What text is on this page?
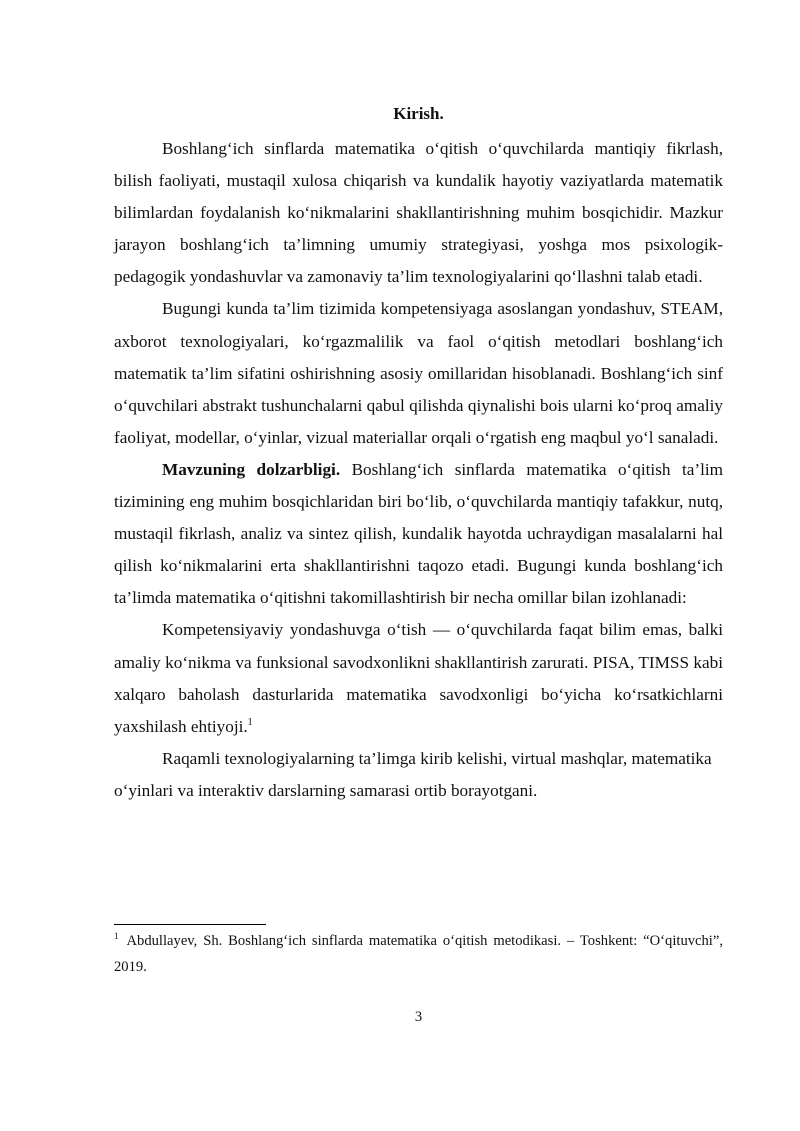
Kirish.

Boshlang‘ich sinflarda matematika o‘qitish o‘quvchilarda mantiqiy fikrlash, bilish faoliyati, mustaqil xulosa chiqarish va kundalik hayotiy vaziyatlarda matematik bilimlardan foydalanish ko‘nikmalarini shakllantirishning muhim bosqichidir. Mazkur jarayon boshlang‘ich ta’limning umumiy strategiyasi, yoshga mos psixologik-pedagogik yondashuvlar va zamonaviy ta’lim texnologiyalarini qo‘llashni talab etadi.

Bugungi kunda ta’lim tizimida kompetensiyaga asoslangan yondashuv, STEAM, axborot texnologiyalari, ko‘rgazmalilik va faol o‘qitish metodlari boshlang‘ich matematik ta’lim sifatini oshirishning asosiy omillaridan hisoblanadi. Boshlang‘ich sinf o‘quvchilari abstrakt tushunchalarni qabul qilishda qiynalishi bois ularni ko‘proq amaliy faoliyat, modellar, o‘yinlar, vizual materiallar orqali o‘rgatish eng maqbul yo‘l sanaladi.

Mavzuning dolzarbligi. Boshlang‘ich sinflarda matematika o‘qitish ta’lim tizimining eng muhim bosqichlaridan biri bo‘lib, o‘quvchilarda mantiqiy tafakkur, nutq, mustaqil fikrlash, analiz va sintez qilish, kundalik hayotda uchraydigan masalalarni hal qilish ko‘nikmalarini erta shakllantirishni taqozo etadi. Bugungi kunda boshlang‘ich ta’limda matematika o‘qitishni takomillashtirish bir necha omillar bilan izohlanadi:

Kompetensiyaviy yondashuvga o‘tish — o‘quvchilarda faqat bilim emas, balki amaliy ko‘nikma va funksional savodxonlikni shakllantirish zarurati. PISA, TIMSS kabi xalqaro baholash dasturlarida matematika savodxonligi bo‘yicha ko‘rsatkichlarni yaxshilash ehtiyoji.$^1$

Raqamli texnologiyalarning ta’limga kirib kelishi, virtual mashqlar, matematika o‘yinlari va interaktiv darslarning samarasi ortib borayotgani.

$^1$ Abdullayev, Sh. Boshlang‘ich sinflarda matematika o‘qitish metodikasi. – Toshkent: “O‘qituvchi”, 2019.

3
